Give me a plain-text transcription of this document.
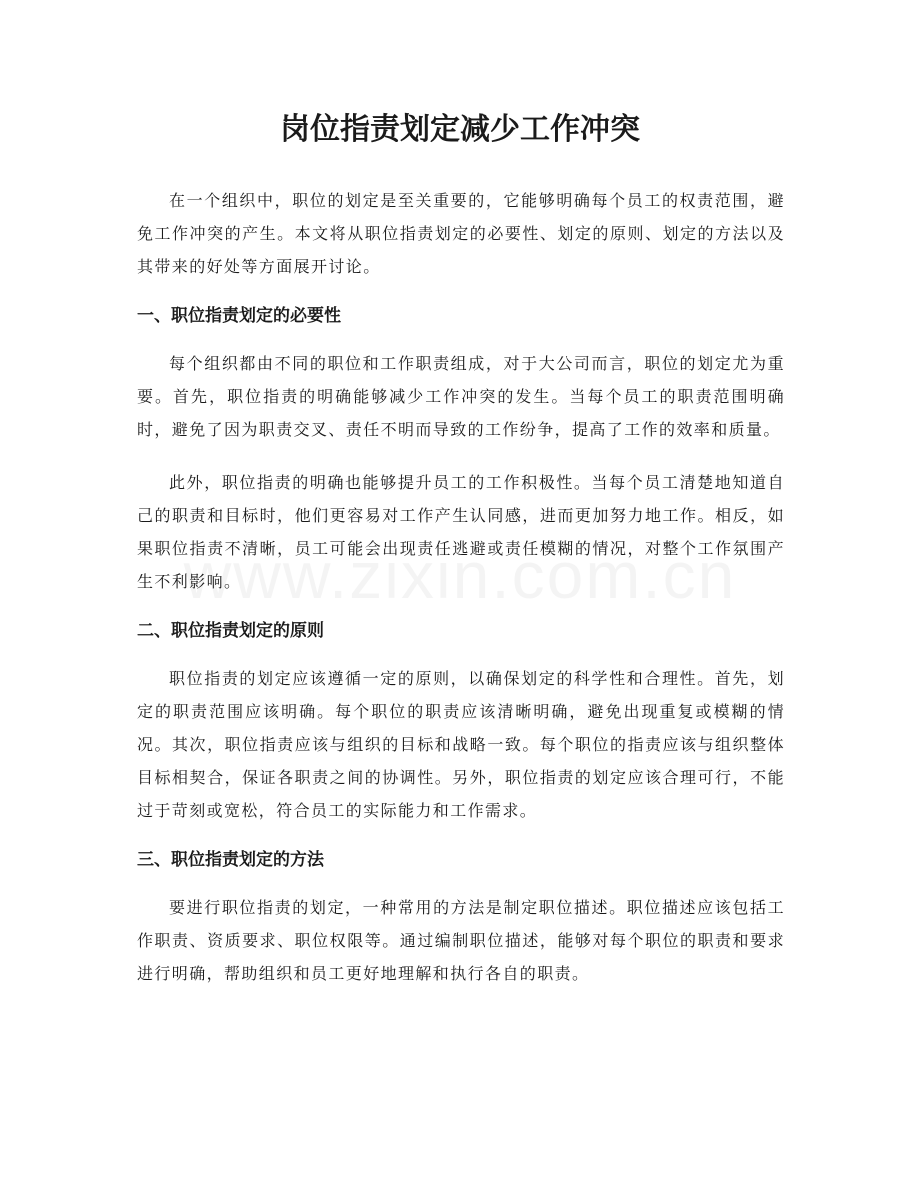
岗位指责划定减少工作冲突

在一个组织中，职位的划定是至关重要的，它能够明确每个员工的权责范围，避免工作冲突的产生。本文将从职位指责划定的必要性、划定的原则、划定的方法以及其带来的好处等方面展开讨论。

一、职位指责划定的必要性

每个组织都由不同的职位和工作职责组成，对于大公司而言，职位的划定尤为重要。首先，职位指责的明确能够减少工作冲突的发生。当每个员工的职责范围明确时，避免了因为职责交叉、责任不明而导致的工作纷争，提高了工作的效率和质量。

此外，职位指责的明确也能够提升员工的工作积极性。当每个员工清楚地知道自己的职责和目标时，他们更容易对工作产生认同感，进而更加努力地工作。相反，如果职位指责不清晰，员工可能会出现责任逃避或责任模糊的情况，对整个工作氛围产生不利影响。

二、职位指责划定的原则

职位指责的划定应该遵循一定的原则，以确保划定的科学性和合理性。首先，划定的职责范围应该明确。每个职位的职责应该清晰明确，避免出现重复或模糊的情况。其次，职位指责应该与组织的目标和战略一致。每个职位的指责应该与组织整体目标相契合，保证各职责之间的协调性。另外，职位指责的划定应该合理可行，不能过于苛刻或宽松，符合员工的实际能力和工作需求。

三、职位指责划定的方法

要进行职位指责的划定，一种常用的方法是制定职位描述。职位描述应该包括工作职责、资质要求、职位权限等。通过编制职位描述，能够对每个职位的职责和要求进行明确，帮助组织和员工更好地理解和执行各自的职责。
